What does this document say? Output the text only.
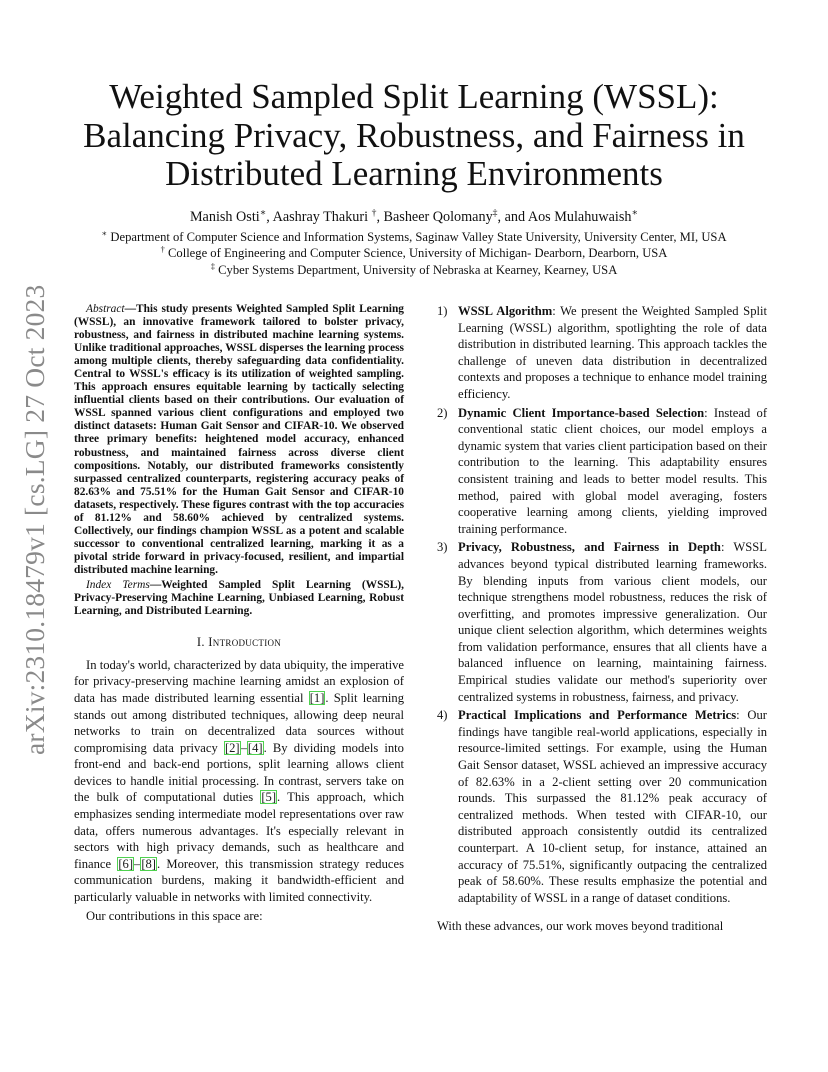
arXiv:2310.18479v1 [cs.LG] 27 Oct 2023
Weighted Sampled Split Learning (WSSL):
Balancing Privacy, Robustness, and Fairness in
Distributed Learning Environments
Manish Osti∗, Aashray Thakuri †, Basheer Qolomany‡, and Aos Mulahuwaish∗
∗ Department of Computer Science and Information Systems, Saginaw Valley State University, University Center, MI, USA
† College of Engineering and Computer Science, University of Michigan- Dearborn, Dearborn, USA
‡ Cyber Systems Department, University of Nebraska at Kearney, Kearney, USA

Abstract—This study presents Weighted Sampled Split Learning (WSSL), an innovative framework tailored to bolster privacy, robustness, and fairness in distributed machine learning systems. Unlike traditional approaches, WSSL disperses the learning process among multiple clients, thereby safeguarding data confidentiality. Central to WSSL's efficacy is its utilization of weighted sampling. This approach ensures equitable learning by tactically selecting influential clients based on their contributions. Our evaluation of WSSL spanned various client configurations and employed two distinct datasets: Human Gait Sensor and CIFAR-10. We observed three primary benefits: heightened model accuracy, enhanced robustness, and maintained fairness across diverse client compositions. Notably, our distributed frameworks consistently surpassed centralized counterparts, registering accuracy peaks of 82.63% and 75.51% for the Human Gait Sensor and CIFAR-10 datasets, respectively. These figures contrast with the top accuracies of 81.12% and 58.60% achieved by centralized systems. Collectively, our findings champion WSSL as a potent and scalable successor to conventional centralized learning, marking it as a pivotal stride forward in privacy-focused, resilient, and impartial distributed machine learning.

Index Terms—Weighted Sampled Split Learning (WSSL), Privacy-Preserving Machine Learning, Unbiased Learning, Robust Learning, and Distributed Learning.

I. Introduction

In today's world, characterized by data ubiquity, the imperative for privacy-preserving machine learning amidst an explosion of data has made distributed learning essential [1]. Split learning stands out among distributed techniques, allowing deep neural networks to train on decentralized data sources without compromising data privacy [2]–[4]. By dividing models into front-end and back-end portions, split learning allows client devices to handle initial processing. In contrast, servers take on the bulk of computational duties [5]. This approach, which emphasizes sending intermediate model representations over raw data, offers numerous advantages. It's especially relevant in sectors with high privacy demands, such as healthcare and finance [6]–[8]. Moreover, this transmission strategy reduces communication burdens, making it bandwidth-efficient and particularly valuable in networks with limited connectivity.

Our contributions in this space are:

1) WSSL Algorithm: We present the Weighted Sampled Split Learning (WSSL) algorithm, spotlighting the role of data distribution in distributed learning. This approach tackles the challenge of uneven data distribution in decentralized contexts and proposes a technique to enhance model training efficiency.
2) Dynamic Client Importance-based Selection: Instead of conventional static client choices, our model employs a dynamic system that varies client participation based on their contribution to the learning. This adaptability ensures consistent training and leads to better model results. This method, paired with global model averaging, fosters cooperative learning among clients, yielding improved training performance.
3) Privacy, Robustness, and Fairness in Depth: WSSL advances beyond typical distributed learning frameworks. By blending inputs from various client models, our technique strengthens model robustness, reduces the risk of overfitting, and promotes impressive generalization. Our unique client selection algorithm, which determines weights from validation performance, ensures that all clients have a balanced influence on learning, maintaining fairness. Empirical studies validate our method's superiority over centralized systems in robustness, fairness, and privacy.
4) Practical Implications and Performance Metrics: Our findings have tangible real-world applications, especially in resource-limited settings. For example, using the Human Gait Sensor dataset, WSSL achieved an impressive accuracy of 82.63% in a 2-client setting over 20 communication rounds. This surpassed the 81.12% peak accuracy of centralized methods. When tested with CIFAR-10, our distributed approach consistently outdid its centralized counterpart. A 10-client setup, for instance, attained an accuracy of 75.51%, significantly outpacing the centralized peak of 58.60%. These results emphasize the potential and adaptability of WSSL in a range of dataset conditions.
With these advances, our work moves beyond traditional
